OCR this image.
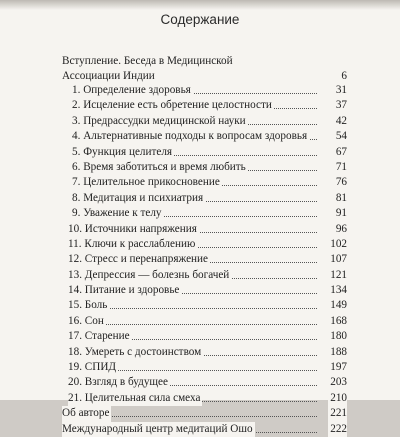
Содержание
Вступление. Беседа в Медицинской
Ассоциации Индии	6
1. Определение здоровья	31
2. Исцеление есть обретение целостности	37
3. Предрассудки медицинской науки	42
4. Альтернативные подходы к вопросам здоровья	54
5. Функция целителя	67
6. Время заботиться и время любить	71
7. Целительное прикосновение	76
8. Медитация и психиатрия	81
9. Уважение к телу	91
10. Источники напряжения	96
11. Ключи к расслаблению	102
12. Стресс и перенапряжение	107
13. Депрессия — болезнь богачей	121
14. Питание и здоровье	134
15. Боль	149
16. Сон	168
17. Старение	180
18. Умереть с достоинством	188
19. СПИД	197
20. Взгляд в будущее	203
21. Целительная сила смеха	210
Об авторе	221
Международный центр медитаций Ошо	222
